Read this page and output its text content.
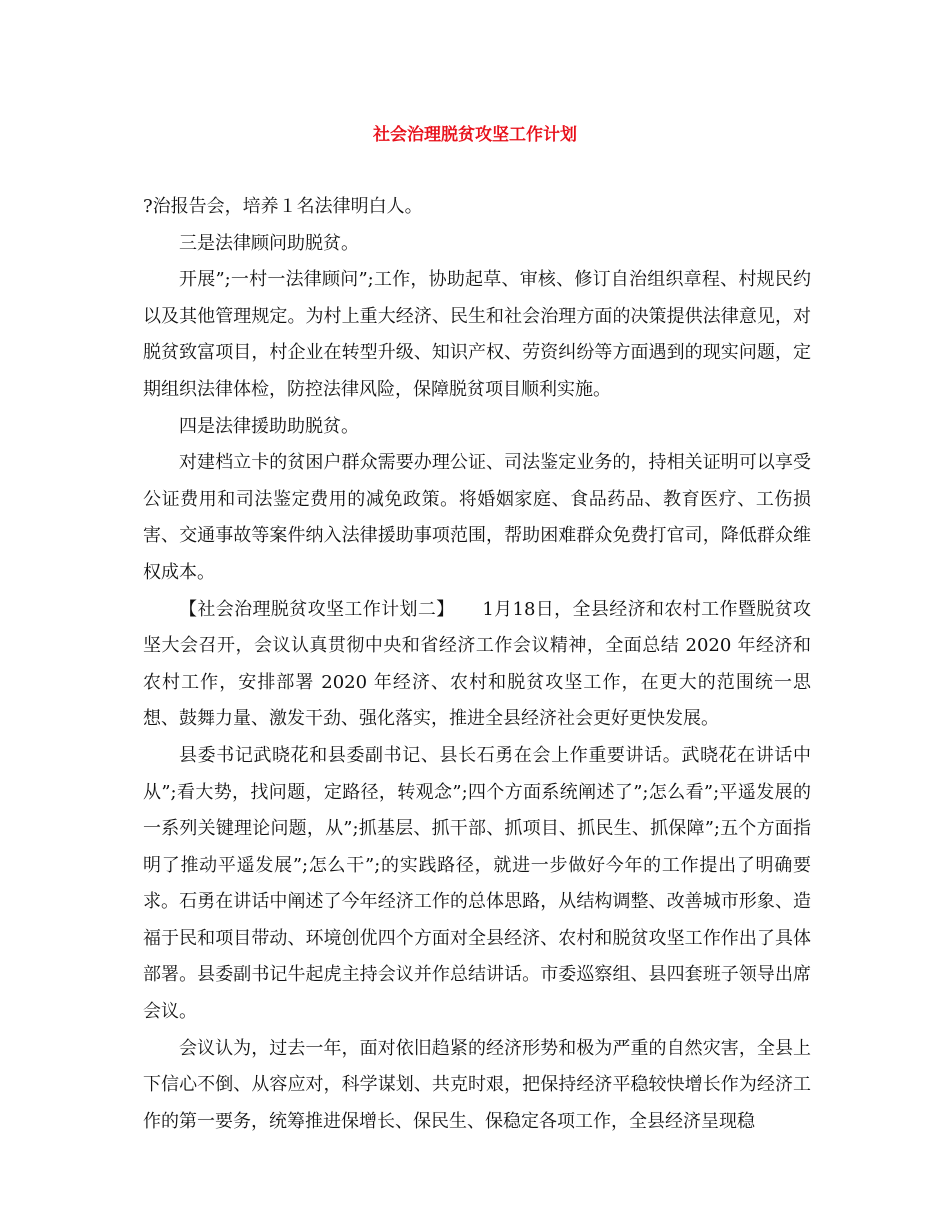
社会治理脱贫攻坚工作计划

?治报告会，培养１名法律明白人。

三是法律顾问助脱贫。

开展”;一村一法律顾问”;工作，协助起草、审核、修订自治组织章程、村规民约以及其他管理规定。为村上重大经济、民生和社会治理方面的决策提供法律意见，对脱贫致富项目，村企业在转型升级、知识产权、劳资纠纷等方面遇到的现实问题，定期组织法律体检，防控法律风险，保障脱贫项目顺利实施。

四是法律援助助脱贫。

对建档立卡的贫困户群众需要办理公证、司法鉴定业务的，持相关证明可以享受公证费用和司法鉴定费用的减免政策。将婚姻家庭、食品药品、教育医疗、工伤损害、交通事故等案件纳入法律援助事项范围，帮助困难群众免费打官司，降低群众维权成本。

【社会治理脱贫攻坚工作计划二】　　1月18日，全县经济和农村工作暨脱贫攻坚大会召开，会议认真贯彻中央和省经济工作会议精神，全面总结 2020 年经济和农村工作，安排部署 2020 年经济、农村和脱贫攻坚工作，在更大的范围统一思想、鼓舞力量、激发干劲、强化落实，推进全县经济社会更好更快发展。

县委书记武晓花和县委副书记、县长石勇在会上作重要讲话。武晓花在讲话中从”;看大势，找问题，定路径，转观念”;四个方面系统阐述了”;怎么看”;平遥发展的一系列关键理论问题，从”;抓基层、抓干部、抓项目、抓民生、抓保障”;五个方面指明了推动平遥发展”;怎么干”;的实践路径，就进一步做好今年的工作提出了明确要求。石勇在讲话中阐述了今年经济工作的总体思路，从结构调整、改善城市形象、造福于民和项目带动、环境创优四个方面对全县经济、农村和脱贫攻坚工作作出了具体部署。县委副书记牛起虎主持会议并作总结讲话。市委巡察组、县四套班子领导出席会议。

会议认为，过去一年，面对依旧趋紧的经济形势和极为严重的自然灾害，全县上下信心不倒、从容应对，科学谋划、共克时艰，把保持经济平稳较快增长作为经济工作的第一要务，统筹推进保增长、保民生、保稳定各项工作，全县经济呈现稳
